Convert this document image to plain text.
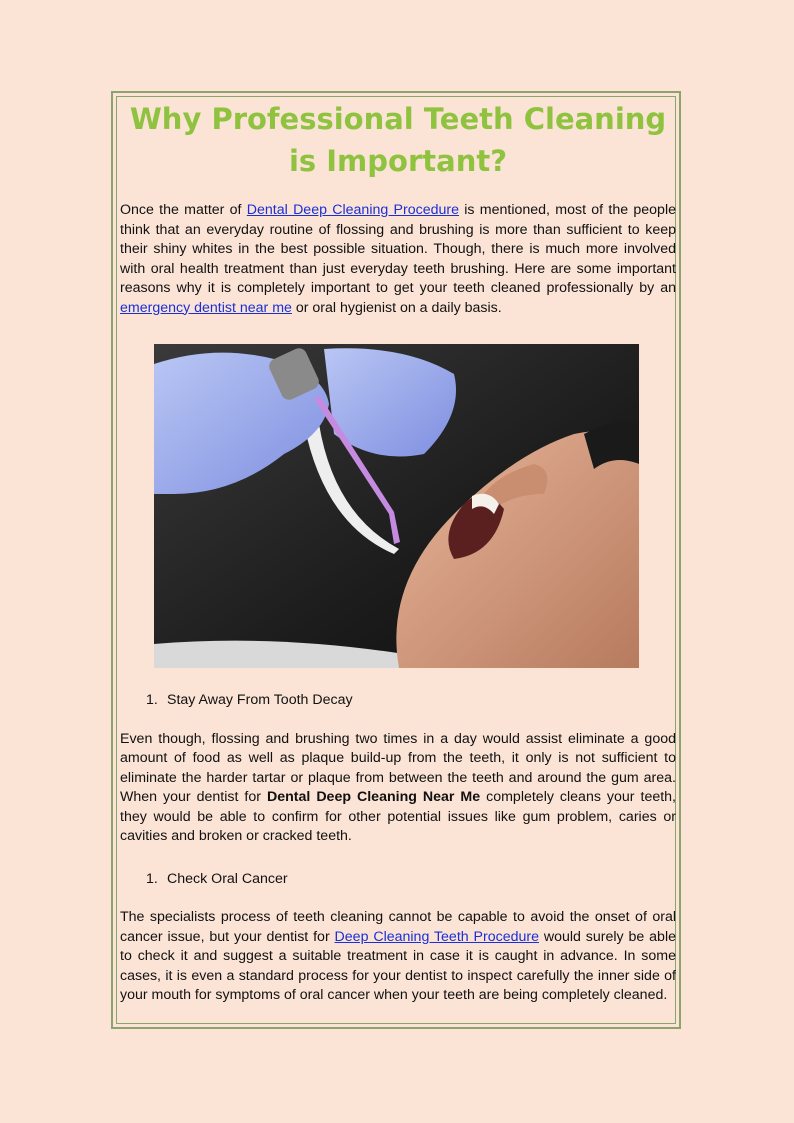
Why Professional Teeth Cleaning is Important?

Once the matter of Dental Deep Cleaning Procedure is mentioned, most of the people think that an everyday routine of flossing and brushing is more than sufficient to keep their shiny whites in the best possible situation. Though, there is much more involved with oral health treatment than just everyday teeth brushing. Here are some important reasons why it is completely important to get your teeth cleaned professionally by an emergency dentist near me or oral hygienist on a daily basis.

1. Stay Away From Tooth Decay

Even though, flossing and brushing two times in a day would assist eliminate a good amount of food as well as plaque build-up from the teeth, it only is not sufficient to eliminate the harder tartar or plaque from between the teeth and around the gum area. When your dentist for Dental Deep Cleaning Near Me completely cleans your teeth, they would be able to confirm for other potential issues like gum problem, caries or cavities and broken or cracked teeth.

1. Check Oral Cancer

The specialists process of teeth cleaning cannot be capable to avoid the onset of oral cancer issue, but your dentist for Deep Cleaning Teeth Procedure would surely be able to check it and suggest a suitable treatment in case it is caught in advance. In some cases, it is even a standard process for your dentist to inspect carefully the inner side of your mouth for symptoms of oral cancer when your teeth are being completely cleaned.
